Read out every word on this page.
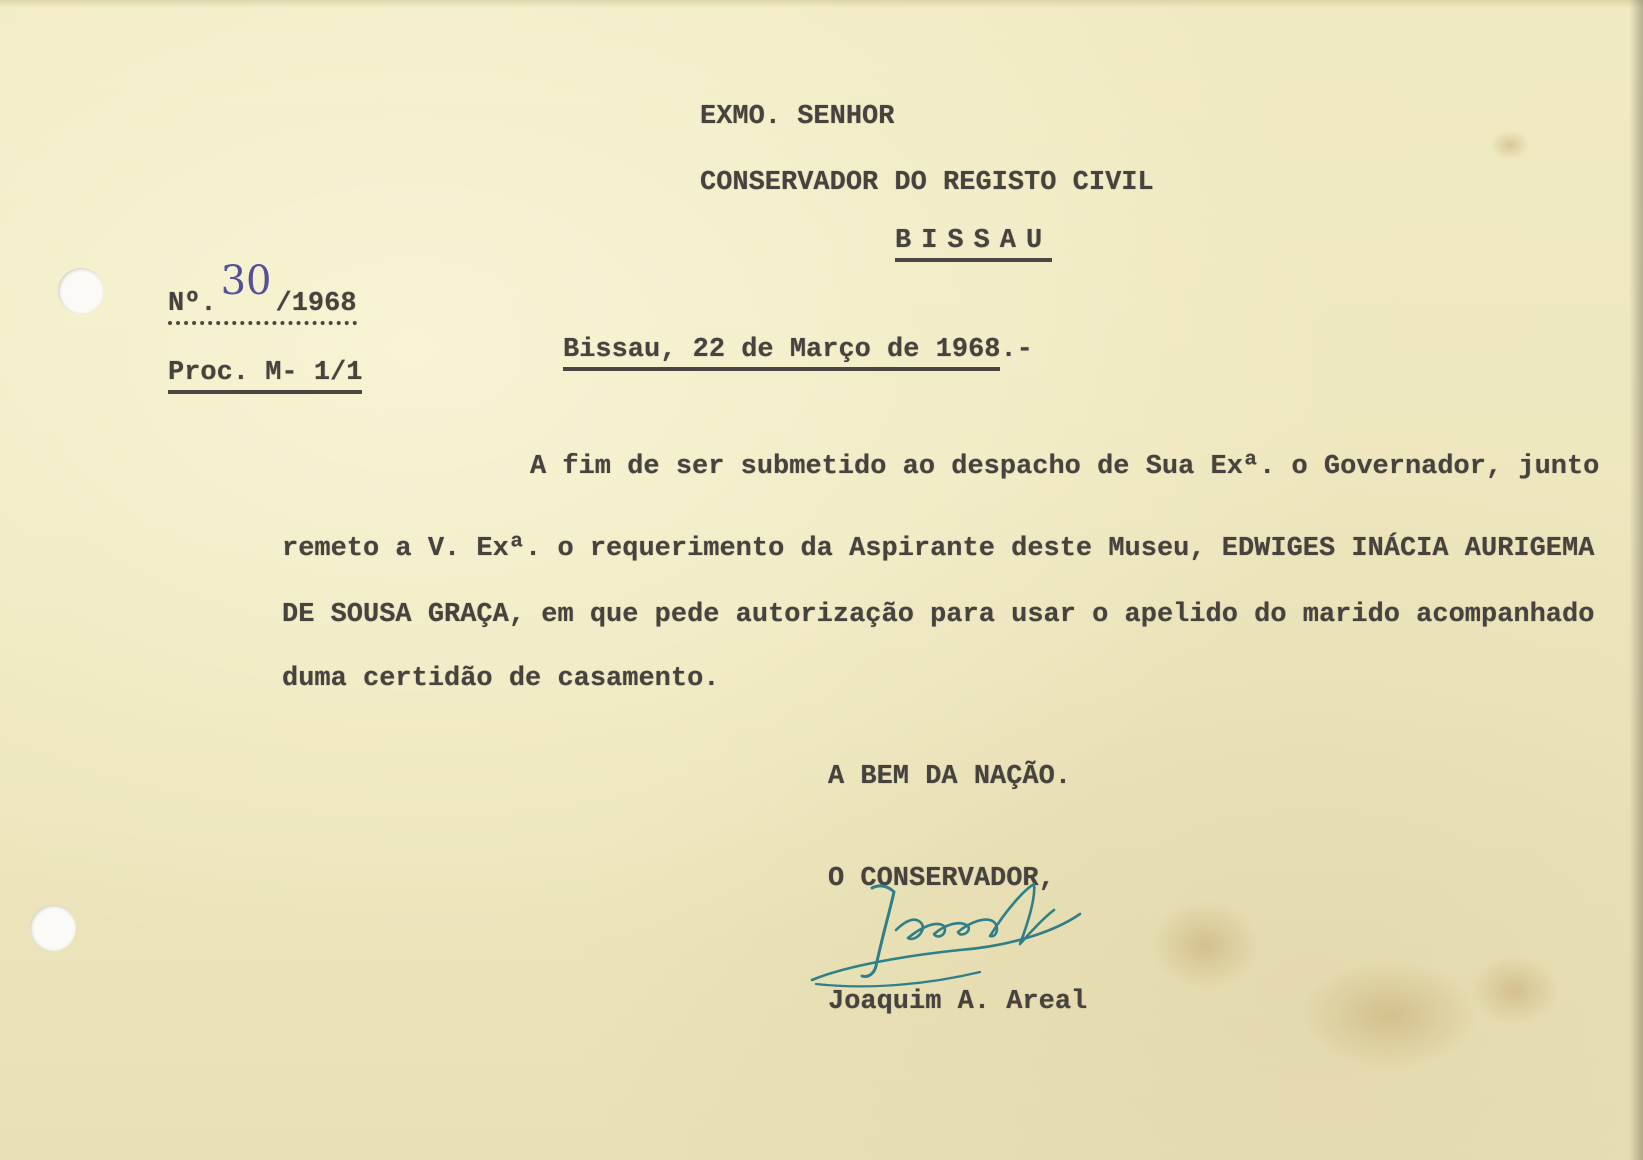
EXMO. SENHOR
CONSERVADOR DO REGISTO CIVIL
BISSAU
Nº. 30 /1968
Proc. M- 1/1
Bissau, 22 de Março de 1968.-
A fim de ser submetido ao despacho de Sua Exª. o Governador, junto
remeto a V. Exª. o requerimento da Aspirante deste Museu, EDWIGES INÁCIA AURIGEMA
DE SOUSA GRAÇA, em que pede autorização para usar o apelido do marido acompanhado
duma certidão de casamento.
A BEM DA NAÇÃO.
O CONSERVADOR,
Joaquim A. Areal
